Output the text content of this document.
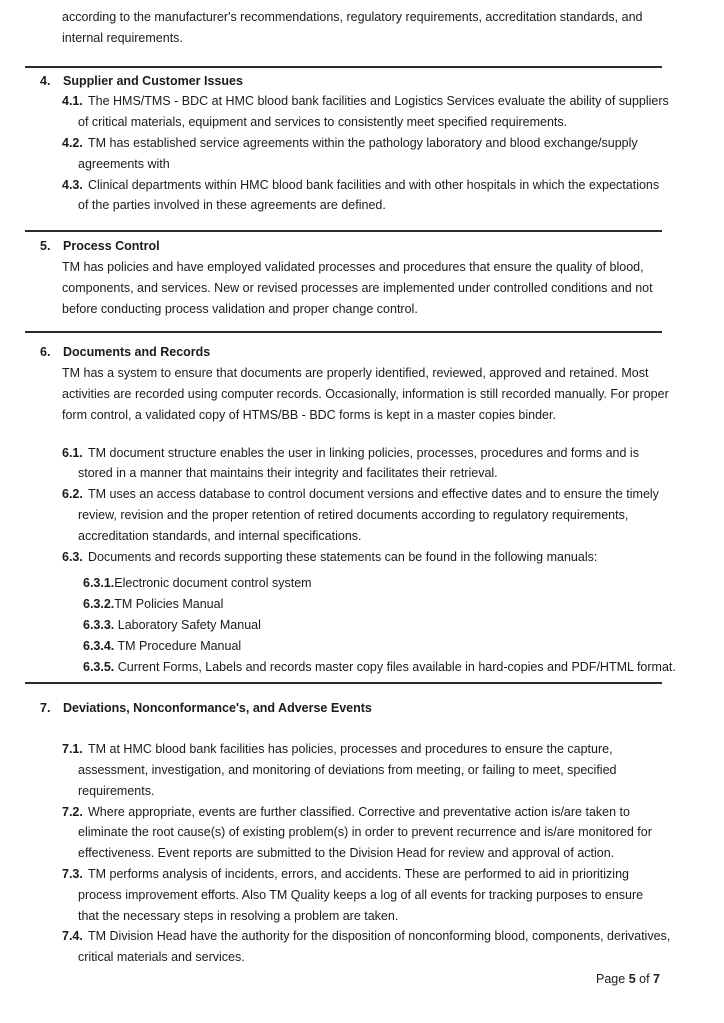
according to the manufacturer's recommendations, regulatory requirements, accreditation standards, and
internal requirements.
4. Supplier and Customer Issues
4.1. The HMS/TMS - BDC at HMC blood bank facilities and Logistics Services evaluate the ability of suppliers
of critical materials, equipment and services to consistently meet specified requirements.
4.2. TM has established service agreements within the pathology laboratory and blood exchange/supply
agreements with
4.3. Clinical departments within HMC blood bank facilities and with other hospitals in which the expectations
of the parties involved in these agreements are defined.
5. Process Control
TM has policies and have employed validated processes and procedures that ensure the quality of blood,
components, and services. New or revised processes are implemented under controlled conditions and not
before conducting process validation and proper change control.
6. Documents and Records
TM has a system to ensure that documents are properly identified, reviewed, approved and retained. Most
activities are recorded using computer records. Occasionally, information is still recorded manually. For proper
form control, a validated copy of HTMS/BB - BDC forms is kept in a master copies binder.
6.1. TM document structure enables the user in linking policies, processes, procedures and forms and is
stored in a manner that maintains their integrity and facilitates their retrieval.
6.2. TM uses an access database to control document versions and effective dates and to ensure the timely
review, revision and the proper retention of retired documents according to regulatory requirements,
accreditation standards, and internal specifications.
6.3. Documents and records supporting these statements can be found in the following manuals:
6.3.1.Electronic document control system
6.3.2.TM Policies Manual
6.3.3. Laboratory Safety Manual
6.3.4. TM Procedure Manual
6.3.5. Current Forms, Labels and records master copy files available in hard-copies and PDF/HTML format.
7. Deviations, Nonconformance's, and Adverse Events
7.1. TM at HMC blood bank facilities has policies, processes and procedures to ensure the capture,
assessment, investigation, and monitoring of deviations from meeting, or failing to meet, specified
requirements.
7.2. Where appropriate, events are further classified. Corrective and preventative action is/are taken to
eliminate the root cause(s) of existing problem(s) in order to prevent recurrence and is/are monitored for
effectiveness. Event reports are submitted to the Division Head for review and approval of action.
7.3. TM performs analysis of incidents, errors, and accidents. These are performed to aid in prioritizing
process improvement efforts. Also TM Quality keeps a log of all events for tracking purposes to ensure
that the necessary steps in resolving a problem are taken.
7.4. TM Division Head have the authority for the disposition of nonconforming blood, components, derivatives,
critical materials and services.
Page 5 of 7
